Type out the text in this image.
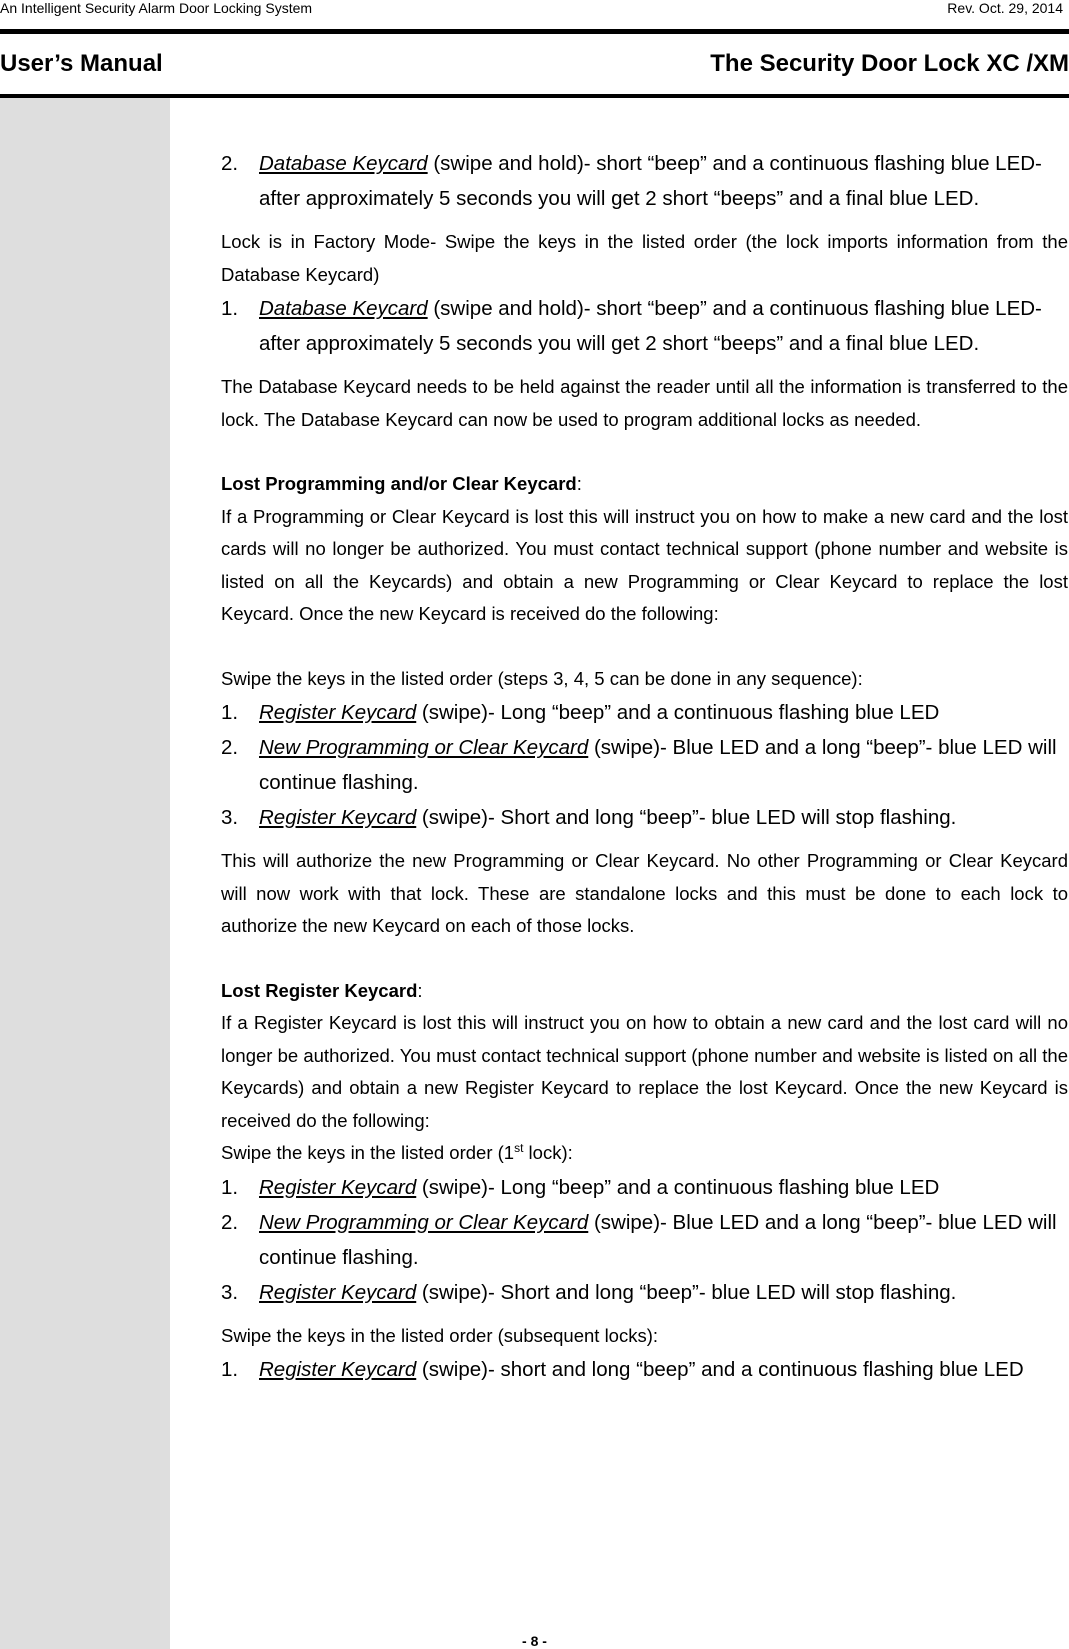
An Intelligent Security Alarm Door Locking System	Rev. Oct. 29, 2014
User’s Manual	The Security Door Lock XC /XM

2. Database Keycard (swipe and hold)- short “beep” and a continuous flashing blue LED- after approximately 5 seconds you will get 2 short “beeps” and a final blue LED.

Lock is in Factory Mode- Swipe the keys in the listed order (the lock imports information from the Database Keycard)

1. Database Keycard (swipe and hold)- short “beep” and a continuous flashing blue LED- after approximately 5 seconds you will get 2 short “beeps” and a final blue LED.

The Database Keycard needs to be held against the reader until all the information is transferred to the lock. The Database Keycard can now be used to program additional locks as needed.

Lost Programming and/or Clear Keycard:

If a Programming or Clear Keycard is lost this will instruct you on how to make a new card and the lost cards will no longer be authorized. You must contact technical support (phone number and website is listed on all the Keycards) and obtain a new Programming or Clear Keycard to replace the lost Keycard. Once the new Keycard is received do the following:

Swipe the keys in the listed order (steps 3, 4, 5 can be done in any sequence):

1. Register Keycard (swipe)- Long “beep” and a continuous flashing blue LED

2. New Programming or Clear Keycard (swipe)- Blue LED and a long “beep”- blue LED will continue flashing.

3. Register Keycard (swipe)- Short and long “beep”- blue LED will stop flashing.

This will authorize the new Programming or Clear Keycard. No other Programming or Clear Keycard will now work with that lock. These are standalone locks and this must be done to each lock to authorize the new Keycard on each of those locks.

Lost Register Keycard:

If a Register Keycard is lost this will instruct you on how to obtain a new card and the lost card will no longer be authorized. You must contact technical support (phone number and website is listed on all the Keycards) and obtain a new Register Keycard to replace the lost Keycard. Once the new Keycard is received do the following:

Swipe the keys in the listed order (1st lock):

1. Register Keycard (swipe)- Long “beep” and a continuous flashing blue LED

2. New Programming or Clear Keycard (swipe)- Blue LED and a long “beep”- blue LED will continue flashing.

3. Register Keycard (swipe)- Short and long “beep”- blue LED will stop flashing.

Swipe the keys in the listed order (subsequent locks):

1. Register Keycard (swipe)- short and long “beep” and a continuous flashing blue LED

- 8 -
